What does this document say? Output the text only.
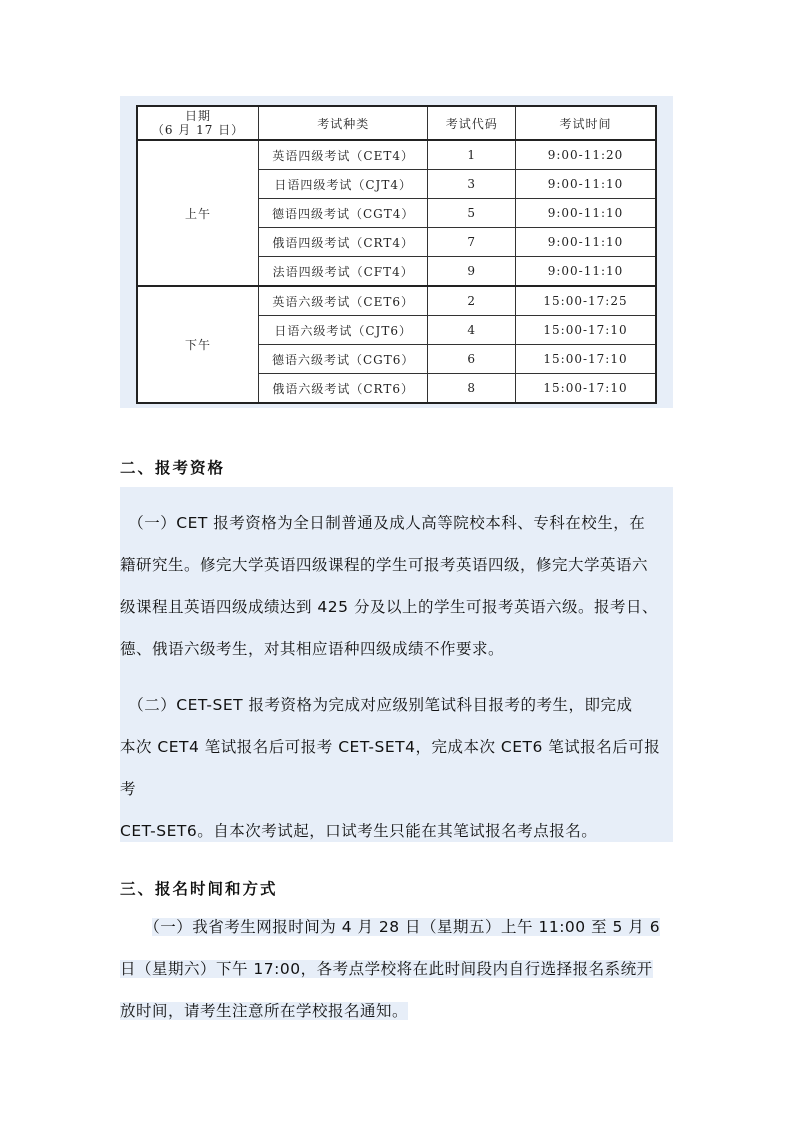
日期
（6 月 17 日）	考试种类	考试代码	考试时间
上午	英语四级考试（CET4）	1	9:00-11:20
	日语四级考试（CJT4）	3	9:00-11:10
	德语四级考试（CGT4）	5	9:00-11:10
	俄语四级考试（CRT4）	7	9:00-11:10
	法语四级考试（CFT4）	9	9:00-11:10
下午	英语六级考试（CET6）	2	15:00-17:25
	日语六级考试（CJT6）	4	15:00-17:10
	德语六级考试（CGT6）	6	15:00-17:10
	俄语六级考试（CRT6）	8	15:00-17:10
二、报考资格
　（一）CET 报考资格为全日制普通及成人高等院校本科、专科在校生，在
籍研究生。修完大学英语四级课程的学生可报考英语四级，修完大学英语六
级课程且英语四级成绩达到 425 分及以上的学生可报考英语六级。报考日、
德、俄语六级考生，对其相应语种四级成绩不作要求。
　（二）CET-SET 报考资格为完成对应级别笔试科目报考的考生，即完成
本次 CET4 笔试报名后可报考 CET-SET4，完成本次 CET6 笔试报名后可报考
CET-SET6。自本次考试起，口试考生只能在其笔试报名考点报名。
三、报名时间和方式
　　（一）我省考生网报时间为 4 月 28 日（星期五）上午 11:00 至 5 月 6
日（星期六）下午 17:00，各考点学校将在此时间段内自行选择报名系统开
放时间，请考生注意所在学校报名通知。
